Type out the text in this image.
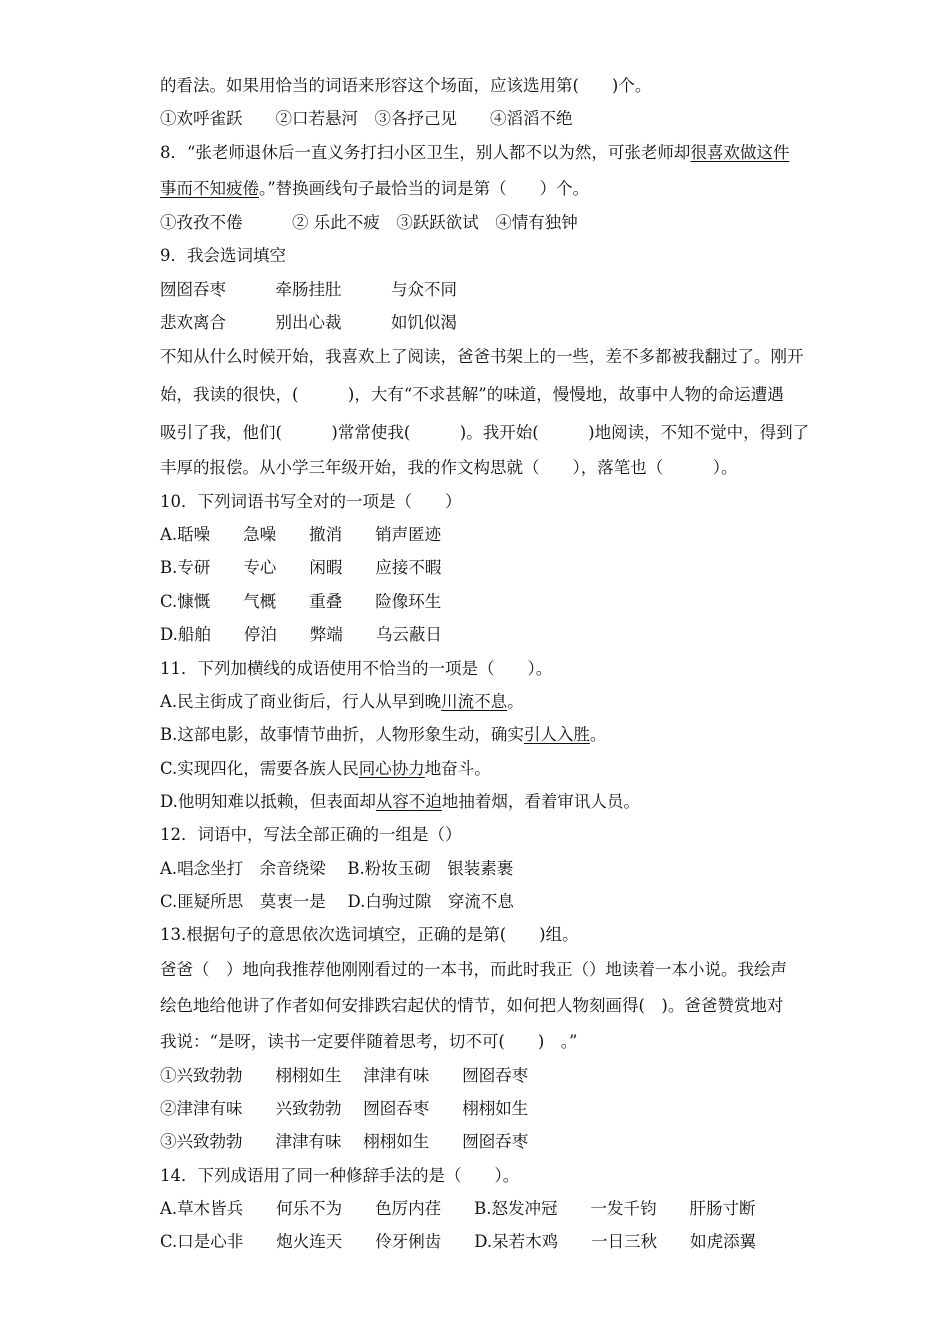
的看法。如果用恰当的词语来形容这个场面，应该选用第(　　)个。
①欢呼雀跃　　②口若悬河　③各抒己见　　④滔滔不绝
8．“张老师退休后一直义务打扫小区卫生，别人都不以为然，可张老师却很喜欢做这件
事而不知疲倦。”替换画线句子最恰当的词是第（　　）个。
①孜孜不倦　　　② 乐此不疲　③跃跃欲试　④情有独钟
9．我会选词填空
囫囵吞枣　　　牵肠挂肚　　　与众不同
悲欢离合　　　别出心裁　　　如饥似渴
不知从什么时候开始，我喜欢上了阅读，爸爸书架上的一些，差不多都被我翻过了。刚开
始，我读的很快，(　　　)，大有“不求甚解”的味道，慢慢地，故事中人物的命运遭遇
吸引了我，他们(　　　)常常使我(　　　)。我开始(　　　)地阅读，不知不觉中，得到了
丰厚的报偿。从小学三年级开始，我的作文构思就（　　），落笔也（　　　）。
10．下列词语书写全对的一项是（　　）
A.聒噪　　急噪　　撤消　　销声匿迹
B.专研　　专心　　闲暇　　应接不暇
C.慷慨　　气概　　重叠　　险像环生
D.船舶　　停泊　　弊端　　乌云蔽日
11．下列加横线的成语使用不恰当的一项是（　　）。
A.民主街成了商业街后，行人从早到晚川流不息。
B.这部电影，故事情节曲折，人物形象生动，确实引人入胜。
C.实现四化，需要各族人民同心协力地奋斗。
D.他明知难以抵赖，但表面却从容不迫地抽着烟，看着审讯人员。
12．词语中，写法全部正确的一组是（）
A.唱念坐打　余音绕梁　 B.粉妆玉砌　银装素裹
C.匪疑所思　莫衷一是　 D.白驹过隙　穿流不息
13.根据句子的意思依次选词填空，正确的是第(　　)组。
爸爸（　）地向我推荐他刚刚看过的一本书，而此时我正（）地读着一本小说。我绘声
绘色地给他讲了作者如何安排跌宕起伏的情节，如何把人物刻画得(　)。爸爸赞赏地对
我说：“是呀，读书一定要伴随着思考，切不可(　　)　。”
①兴致勃勃　　栩栩如生　 津津有味　　囫囵吞枣
②津津有味　　兴致勃勃　 囫囵吞枣　　栩栩如生
③兴致勃勃　　津津有味　 栩栩如生　　囫囵吞枣
14．下列成语用了同一种修辞手法的是（　　）。
A.草木皆兵　　何乐不为　　色厉内荏　　B.怒发冲冠　　一发千钧　　肝肠寸断
C.口是心非　　炮火连天　　伶牙俐齿　　D.呆若木鸡　　一日三秋　　如虎添翼
